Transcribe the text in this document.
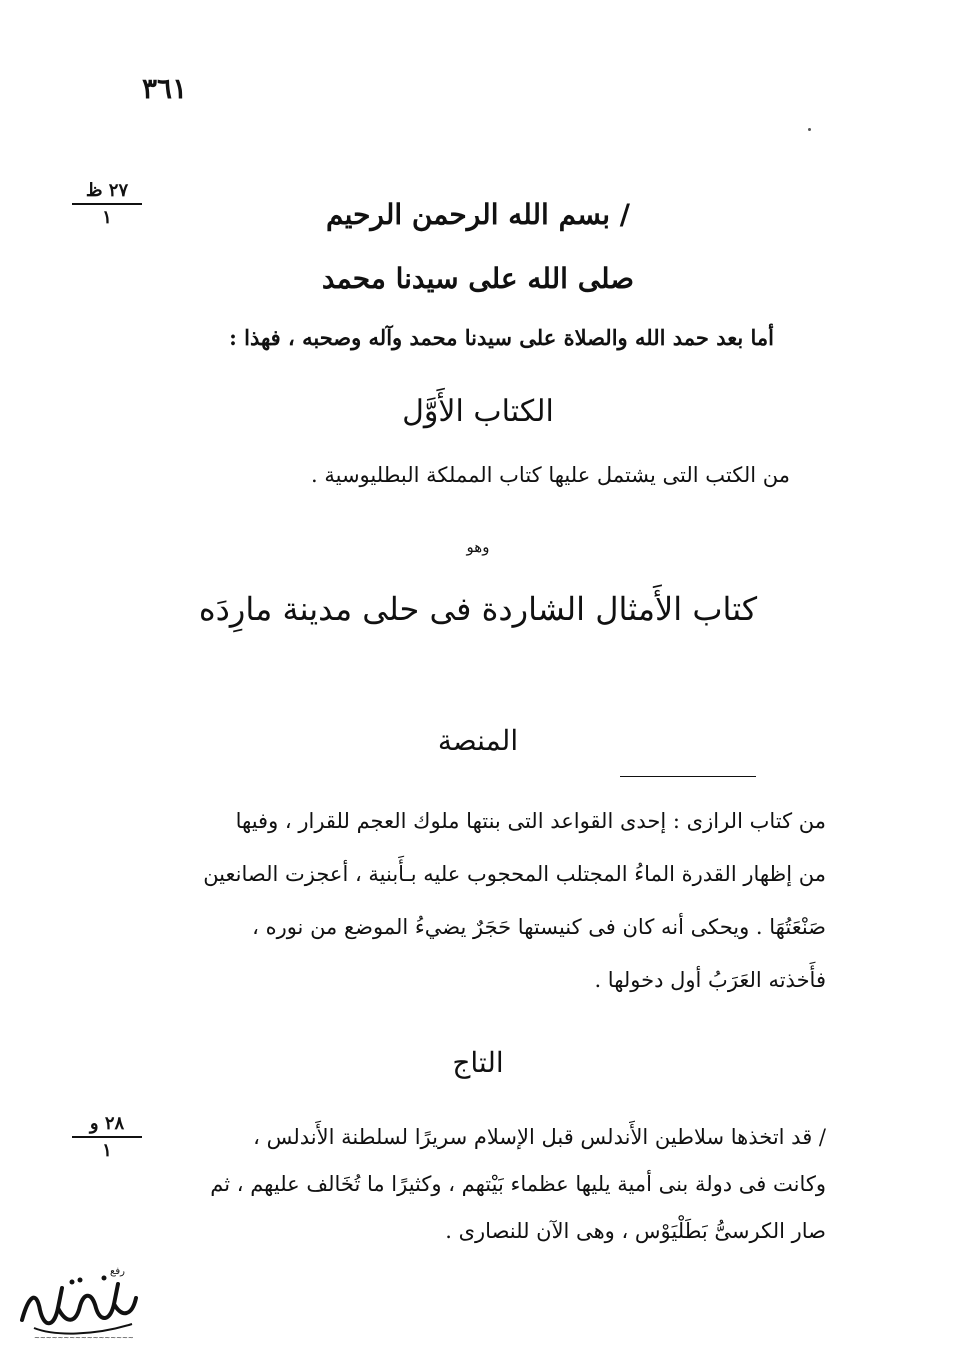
٣٦١
٢٧ ظ
١	/ بسم الله الرحمن الرحيم
صلى الله على سيدنا محمد
أما بعد حمد الله والصلاة على سيدنا محمد وآله وصحبه ، فهذا :
الكتاب الأَوَّل
من الكتب التى يشتمل عليها كتاب المملكة البطليوسية .
وهو
كتاب الأَمثال الشاردة فى حلى مدينة مارِدَه
المنصة
من كتاب الرازى : إحدى القواعد التى بنتها ملوك العجم للقرار ، وفيها
من إظهار القدرة الماءُ المجتلب المحجوب عليه بـأَبنية ، أعجزت الصانعين
صَنْعَتُهَا . ويحكى أنه كان فى كنيستها حَجَرٌ يضيءُ الموضع من نوره ،
فأَخذته العَرَبُ أول دخولها .
التاج
٢٨ و
١
/ قد اتخذها سلاطين الأَندلس قبل الإسلام سريرًا لسلطنة الأَندلس ،
وكانت فى دولة بنى أمية يليها عظماء بَيْتهم ، وكثيرًا ما تُخَالف عليهم ، ثم
صار الكرسىُّ بَطَلْيَوْس ، وهى الآن للنصارى .
رفع
~~~~~~~~~~~~~~~~~
